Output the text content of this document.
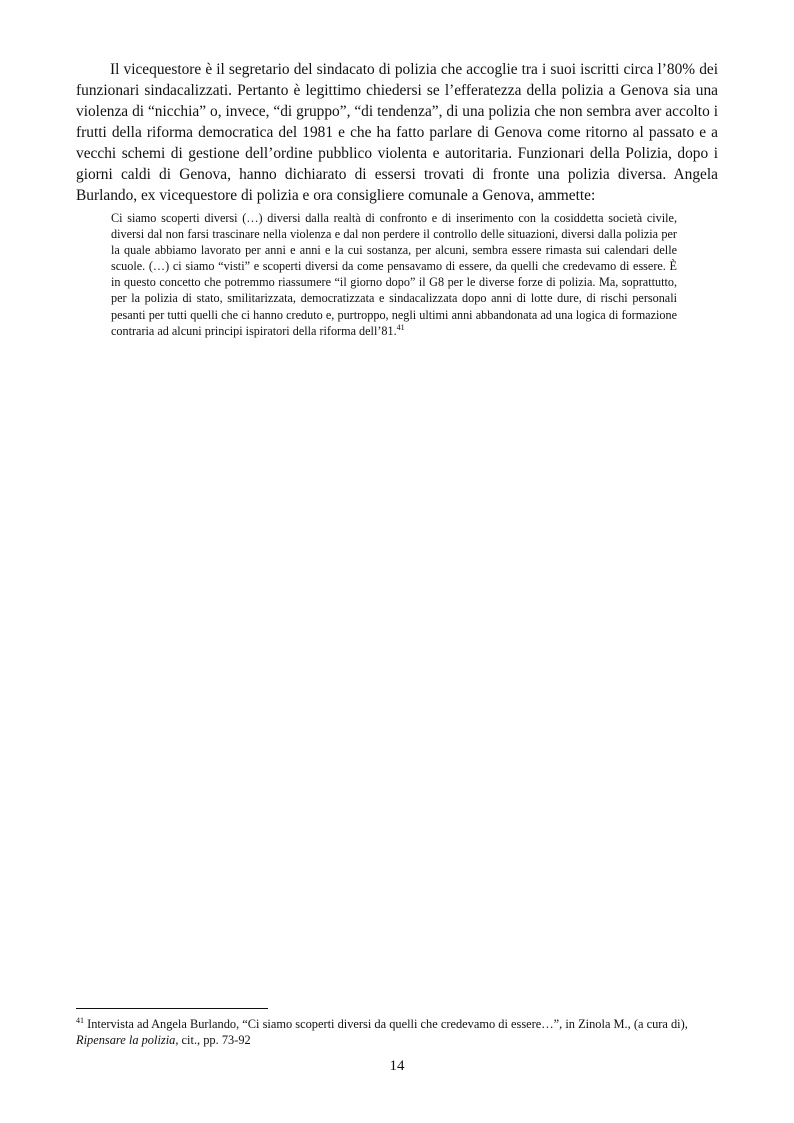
Il vicequestore è il segretario del sindacato di polizia che accoglie tra i suoi iscritti circa l’80% dei funzionari sindacalizzati. Pertanto è legittimo chiedersi se l’efferatezza della polizia a Genova sia una violenza di “nicchia” o, invece, “di gruppo”, “di tendenza”, di una polizia che non sembra aver accolto i frutti della riforma democratica del 1981 e che ha fatto parlare di Genova come ritorno al passato e a vecchi schemi di gestione dell’ordine pubblico violenta e autoritaria. Funzionari della Polizia, dopo i giorni caldi di Genova, hanno dichiarato di essersi trovati di fronte una polizia diversa. Angela Burlando, ex vicequestore di polizia e ora consigliere comunale a Genova, ammette:

Ci siamo scoperti diversi (…) diversi dalla realtà di confronto e di inserimento con la cosiddetta società civile, diversi dal non farsi trascinare nella violenza e dal non perdere il controllo delle situazioni, diversi dalla polizia per la quale abbiamo lavorato per anni e anni e la cui sostanza, per alcuni, sembra essere rimasta sui calendari delle scuole. (…) ci siamo “visti” e scoperti diversi da come pensavamo di essere, da quelli che credevamo di essere. È in questo concetto che potremmo riassumere “il giorno dopo” il G8 per le diverse forze di polizia. Ma, soprattutto, per la polizia di stato, smilitarizzata, democratizzata e sindacalizzata dopo anni di lotte dure, di rischi personali pesanti per tutti quelli che ci hanno creduto e, purtroppo, negli ultimi anni abbandonata ad una logica di formazione contraria ad alcuni principi ispiratori della riforma dell’81.41

$^{41}$ Intervista ad Angela Burlando, “Ci siamo scoperti diversi da quelli che credevamo di essere…”, in Zinola M., (a cura di), Ripensare la polizia, cit., pp. 73-92

14
